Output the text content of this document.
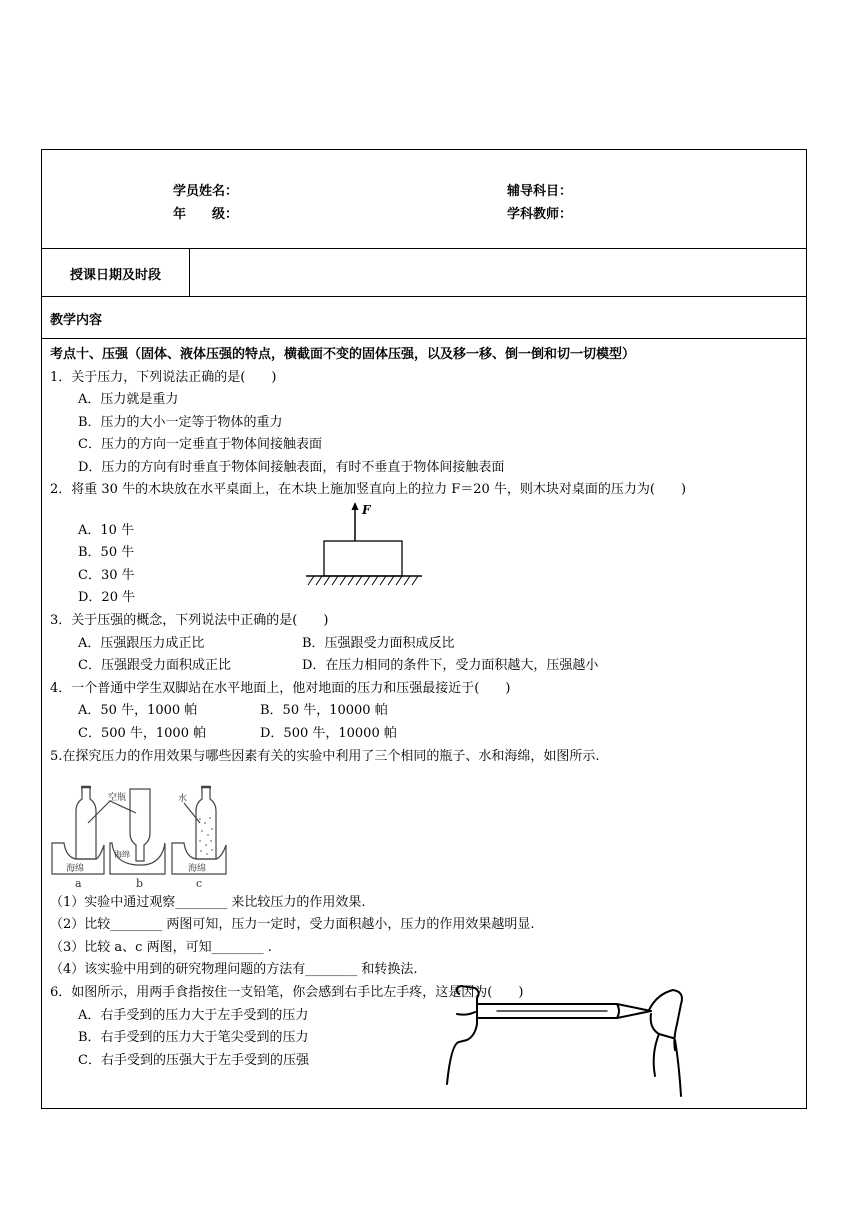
学员姓名：	辅导科目：
年　　级：	学科教师：
授课日期及时段
教学内容
考点十、压强（固体、液体压强的特点，横截面不变的固体压强，以及移一移、倒一倒和切一切模型）
1．关于压力，下列说法正确的是(　　)
A．压力就是重力
B．压力的大小一定等于物体的重力
C．压力的方向一定垂直于物体间接触表面
D．压力的方向有时垂直于物体间接触表面，有时不垂直于物体间接触表面
2．将重 30 牛的木块放在水平桌面上，在木块上施加竖直向上的拉力 F＝20 牛，则木块对桌面的压力为(　　)
A．10 牛
B．50 牛
C．30 牛
D．20 牛
F
3．关于压强的概念，下列说法中正确的是(　　)
A．压强跟压力成正比	B．压强跟受力面积成反比
C．压强跟受力面积成正比	D．在压力相同的条件下，受力面积越大，压强越小
4．一个普通中学生双脚站在水平地面上，他对地面的压力和压强最接近于(　　)
A．50 牛，1000 帕	B．50 牛，10000 帕
C．500 牛，1000 帕	D．500 牛，10000 帕
5.在探究压力的作用效果与哪些因素有关的实验中利用了三个相同的瓶子、水和海绵，如图所示.
空瓶	水
海绵
海绵
海绵
a	b	c
（1）实验中通过观察________ 来比较压力的作用效果.
（2）比较________ 两图可知，压力一定时，受力面积越小，压力的作用效果越明显.
（3）比较 a、c 两图，可知________ .
（4）该实验中用到的研究物理问题的方法有________ 和转换法.
6．如图所示，用两手食指按住一支铅笔，你会感到右手比左手疼，这是因为(　　)
A．右手受到的压力大于左手受到的压力
B．右手受到的压力大于笔尖受到的压力
C．右手受到的压强大于左手受到的压强
